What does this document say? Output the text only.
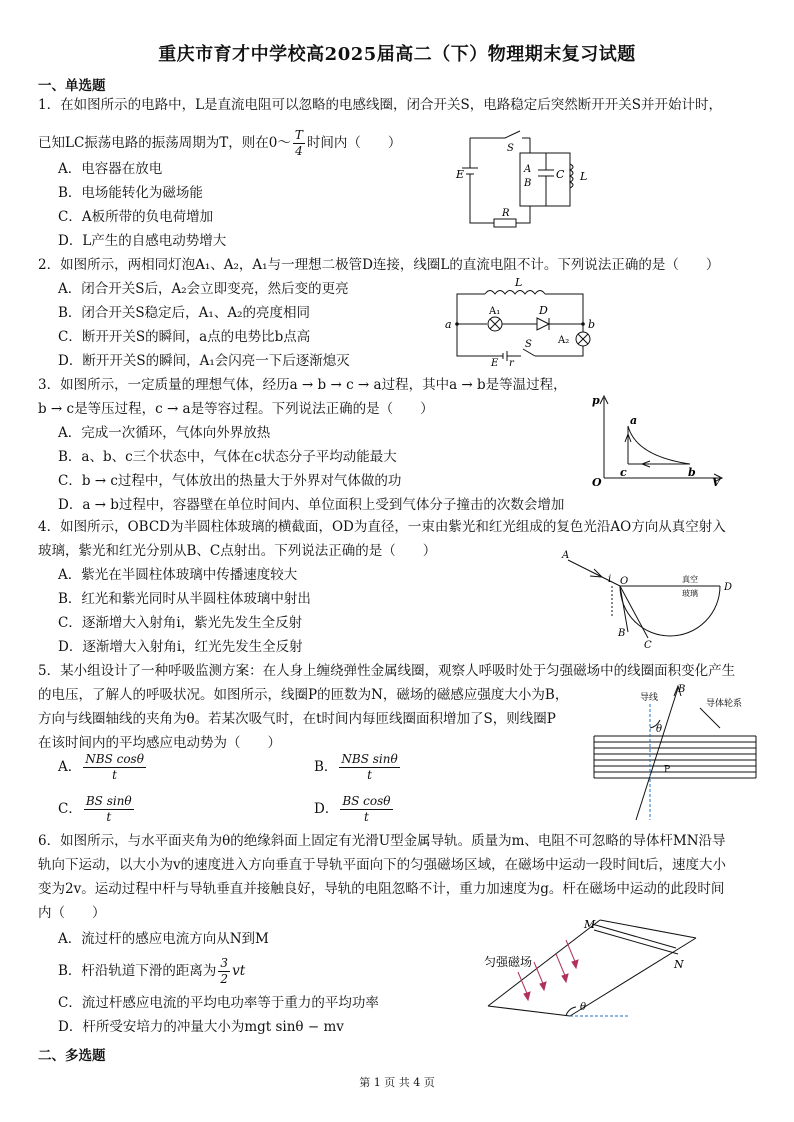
重庆市育才中学校高2025届高二（下）物理期末复习试题
一、单选题
1．在如图所示的电路中，L是直流电阻可以忽略的电感线圈，闭合开关S，电路稳定后突然断开开关S并开始计时，
已知LC振荡电路的振荡周期为T，则在0～ $\frac{T}{4}$ 时间内（　　）
A．电容器在放电
B．电场能转化为磁场能
C．A板所带的负电荷增加
D．L产生的自感电动势增大
S
E	A
B
C L
R
2．如图所示，两相同灯泡A₁、A₂，A₁与一理想二极管D连接，线圈L的直流电阻不计。下列说法正确的是（　　）
A．闭合开关S后，A₂会立即变亮，然后变的更亮
B．闭合开关S稳定后，A₁、A₂的亮度相同
C．断开开关S的瞬间，a点的电势比b点高
D．断开开关S的瞬间，A₁会闪亮一下后逐渐熄灭
L
a	b
A₁	D
A₂
E r
S
3．如图所示，一定质量的理想气体，经历a → b → c → a过程，其中a → b是等温过程，
b → c是等压过程，c → a是等容过程。下列说法正确的是（　　）
A．完成一次循环，气体向外界放热
B．a、b、c三个状态中，气体在c状态分子平均动能最大
C．b → c过程中，气体放出的热量大于外界对气体做的功
D．a → b过程中，容器壁在单位时间内、单位面积上受到气体分子撞击的次数会增加
p
V
O
a
b
c
4．如图所示，OBCD为半圆柱体玻璃的横截面，OD为直径，一束由紫光和红光组成的复色光沿AO方向从真空射入
玻璃，紫光和红光分别从B、C点射出。下列说法正确的是（　　）
A．紫光在半圆柱体玻璃中传播速度较大
B．红光和紫光同时从半圆柱体玻璃中射出
C．逐渐增大入射角i，紫光先发生全反射
D．逐渐增大入射角i，红光先发生全反射
A
i O
D
B
C
真空
玻璃
5．某小组设计了一种呼吸监测方案：在人身上缠绕弹性金属线圈，观察人呼吸时处于匀强磁场中的线圈面积变化产生
的电压，了解人的呼吸状况。如图所示，线圈P的匝数为N，磁场的磁感应强度大小为B，
方向与线圈轴线的夹角为θ。若某次吸气时，在t时间内每匝线圈面积增加了S，则线圈P
在该时间内的平均感应电动势为（　　）
A． $\frac{\text{NBS cosθ}}{t}$	B． $\frac{\text{NBS sinθ}}{t}$
C． $\frac{\text{BS sinθ}}{t}$	D． $\frac{\text{BS cosθ}}{t}$
导线
B
θ
导体轮系
P
6．如图所示，与水平面夹角为θ的绝缘斜面上固定有光滑U型金属导轨。质量为m、电阻不可忽略的导体杆MN沿导
轨向下运动，以大小为v的速度进入方向垂直于导轨平面向下的匀强磁场区域，在磁场中运动一段时间t后，速度大小
变为2v。运动过程中杆与导轨垂直并接触良好，导轨的电阻忽略不计，重力加速度为g。杆在磁场中运动的此段时间
内（　　）
A．流过杆的感应电流方向从N到M
B．杆沿轨道下滑的距离为 $\frac{3}{2}$ vt
C．流过杆感应电流的平均电功率等于重力的平均功率
D．杆所受安培力的冲量大小为mgt sinθ − mv
M
N
匀强磁场
θ
二、多选题
第 1 页 共 4 页
